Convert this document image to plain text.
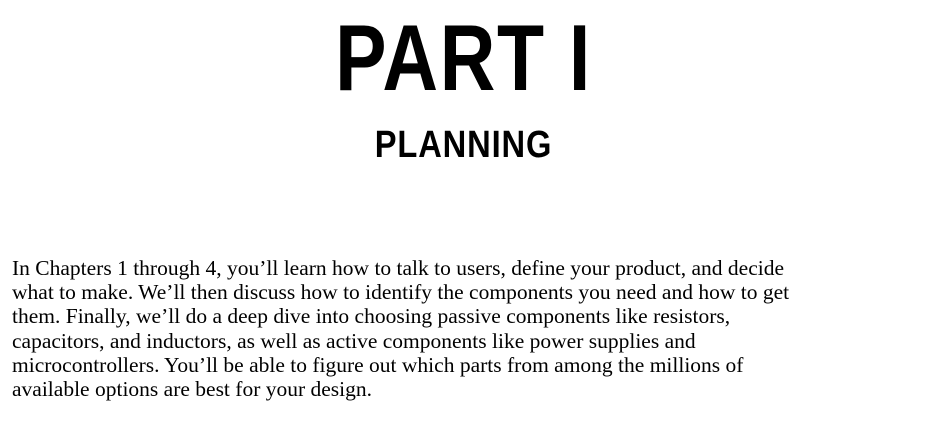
PART I
PLANNING

In Chapters 1 through 4, you’ll learn how to talk to users, define your product, and decide
what to make. We’ll then discuss how to identify the components you need and how to get
them. Finally, we’ll do a deep dive into choosing passive components like resistors,
capacitors, and inductors, as well as active components like power supplies and
microcontrollers. You’ll be able to figure out which parts from among the millions of
available options are best for your design.
